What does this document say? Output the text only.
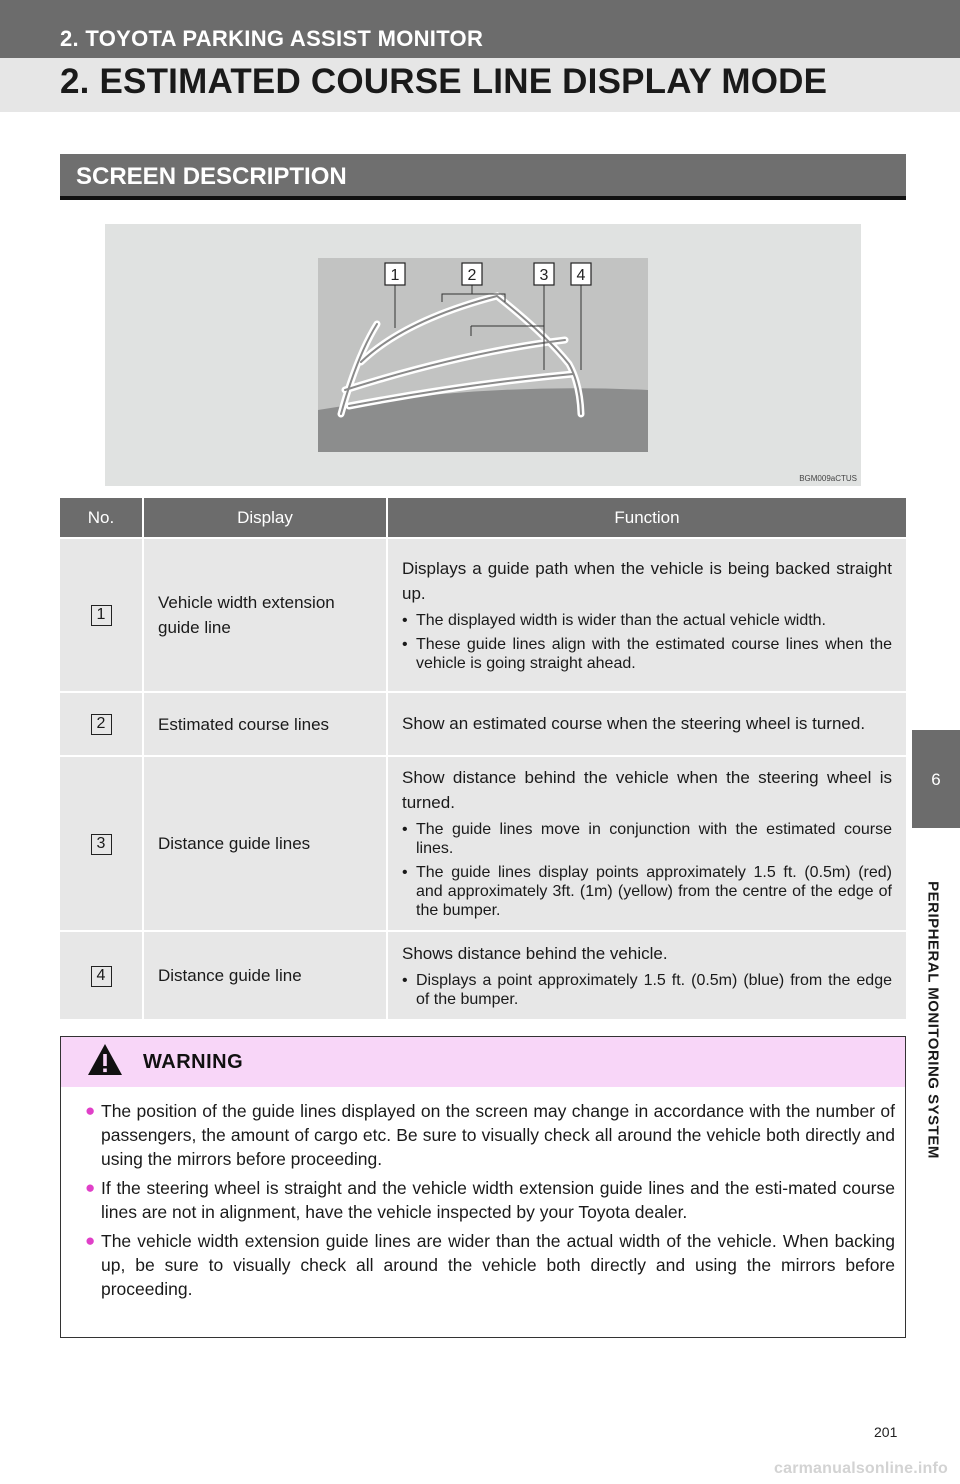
2. TOYOTA PARKING ASSIST MONITOR
2. ESTIMATED COURSE LINE DISPLAY MODE
6
PERIPHERAL MONITORING SYSTEM
SCREEN DESCRIPTION
1	2	3 4
BGM009aCTUS
No.	Display	Function
1	Vehicle width extension guide line	Displays a guide path when the vehicle is being backed straight up.
• The displayed width is wider than the actual vehicle width.
• These guide lines align with the estimated course lines when the vehicle is going straight ahead.

2	Estimated course lines	Show an estimated course when the steering wheel is turned.

3	Distance guide lines	Show distance behind the vehicle when the steering wheel is turned.
• The guide lines move in conjunction with the estimated course lines.
• The guide lines display points approximately 1.5 ft. (0.5m) (red) and approximately 3ft. (1m) (yellow) from the centre of the edge of the bumper.

4	Distance guide line	Shows distance behind the vehicle.
• Displays a point approximately 1.5 ft. (0.5m) (blue) from the edge of the bumper.
WARNING
● The position of the guide lines displayed on the screen may change in accordance with the number of passengers, the amount of cargo etc. Be sure to visually check all around the vehicle both directly and using the mirrors before proceeding.
● If the steering wheel is straight and the vehicle width extension guide lines and the esti-mated course lines are not in alignment, have the vehicle inspected by your Toyota dealer.
● The vehicle width extension guide lines are wider than the actual width of the vehicle. When backing up, be sure to visually check all around the vehicle both directly and using the mirrors before proceeding.
201
carmanualsonline.info
